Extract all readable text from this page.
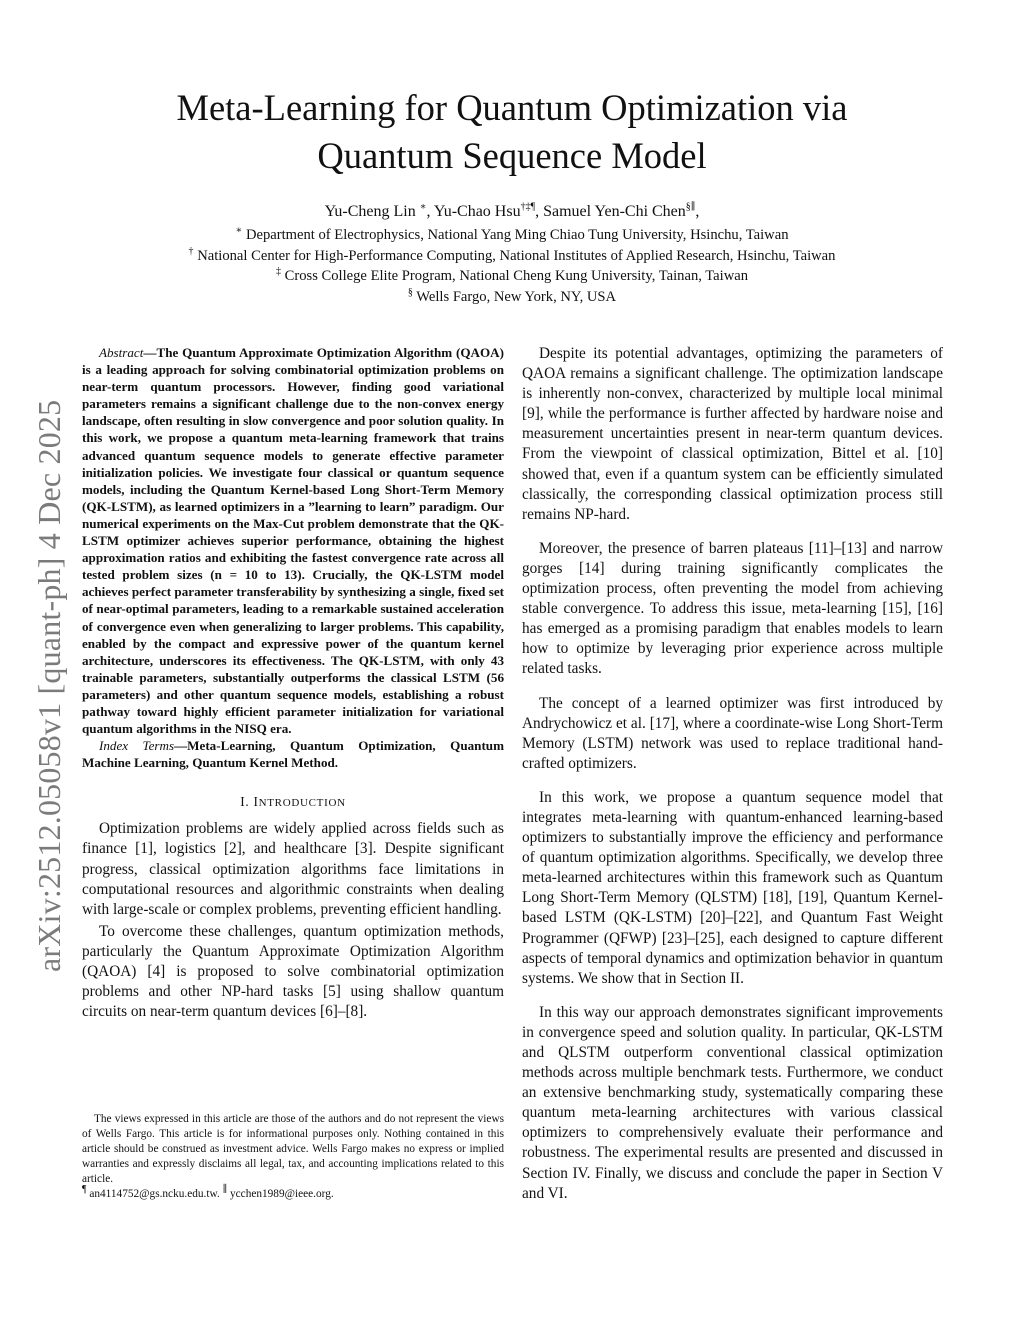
Meta-Learning for Quantum Optimization via
Quantum Sequence Model
Yu-Cheng Lin ∗, Yu-Chao Hsu†‡¶, Samuel Yen-Chi Chen§∥,
∗ Department of Electrophysics, National Yang Ming Chiao Tung University, Hsinchu, Taiwan
† National Center for High-Performance Computing, National Institutes of Applied Research, Hsinchu, Taiwan
‡ Cross College Elite Program, National Cheng Kung University, Tainan, Taiwan
§ Wells Fargo, New York, NY, USA
arXiv:2512.05058v1 [quant-ph] 4 Dec 2025
Abstract—The Quantum Approximate Optimization Algorithm (QAOA) is a leading approach for solving combinatorial optimization problems on near-term quantum processors. However, finding good variational parameters remains a significant challenge due to the non-convex energy landscape, often resulting in slow convergence and poor solution quality. In this work, we propose a quantum meta-learning framework that trains advanced quantum sequence models to generate effective parameter initialization policies. We investigate four classical or quantum sequence models, including the Quantum Kernel-based Long Short-Term Memory (QK-LSTM), as learned optimizers in a ”learning to learn” paradigm. Our numerical experiments on the Max-Cut problem demonstrate that the QK-LSTM optimizer achieves superior performance, obtaining the highest approximation ratios and exhibiting the fastest convergence rate across all tested problem sizes (n = 10 to 13). Crucially, the QK-LSTM model achieves perfect parameter transferability by synthesizing a single, fixed set of near-optimal parameters, leading to a remarkable sustained acceleration of convergence even when generalizing to larger problems. This capability, enabled by the compact and expressive power of the quantum kernel architecture, underscores its effectiveness. The QK-LSTM, with only 43 trainable parameters, substantially outperforms the classical LSTM (56 parameters) and other quantum sequence models, establishing a robust pathway toward highly efficient parameter initialization for variational quantum algorithms in the NISQ era.
Index Terms—Meta-Learning, Quantum Optimization, Quantum Machine Learning, Quantum Kernel Method.
I. INTRODUCTION

Optimization problems are widely applied across fields such as finance [1], logistics [2], and healthcare [3]. Despite significant progress, classical optimization algorithms face limitations in computational resources and algorithmic constraints when dealing with large-scale or complex problems, preventing efficient handling.

To overcome these challenges, quantum optimization methods, particularly the Quantum Approximate Optimization Algorithm (QAOA) [4] is proposed to solve combinatorial optimization problems and other NP-hard tasks [5] using shallow quantum circuits on near-term quantum devices [6]–[8].

The views expressed in this article are those of the authors and do not represent the views of Wells Fargo. This article is for informational purposes only. Nothing contained in this article should be construed as investment advice. Wells Fargo makes no express or implied warranties and expressly disclaims all legal, tax, and accounting implications related to this article.

¶ an4114752@gs.ncku.edu.tw. ∥ ycchen1989@ieee.org.

Despite its potential advantages, optimizing the parameters of QAOA remains a significant challenge. The optimization landscape is inherently non-convex, characterized by multiple local minimal [9], while the performance is further affected by hardware noise and measurement uncertainties present in near-term quantum devices. From the viewpoint of classical optimization, Bittel et al. [10] showed that, even if a quantum system can be efficiently simulated classically, the corresponding classical optimization process still remains NP-hard.

Moreover, the presence of barren plateaus [11]–[13] and narrow gorges [14] during training significantly complicates the optimization process, often preventing the model from achieving stable convergence. To address this issue, meta-learning [15], [16] has emerged as a promising paradigm that enables models to learn how to optimize by leveraging prior experience across multiple related tasks.

The concept of a learned optimizer was first introduced by Andrychowicz et al. [17], where a coordinate-wise Long Short-Term Memory (LSTM) network was used to replace traditional hand-crafted optimizers.

In this work, we propose a quantum sequence model that integrates meta-learning with quantum-enhanced learning-based optimizers to substantially improve the efficiency and performance of quantum optimization algorithms. Specifically, we develop three meta-learned architectures within this framework such as Quantum Long Short-Term Memory (QLSTM) [18], [19], Quantum Kernel-based LSTM (QK-LSTM) [20]–[22], and Quantum Fast Weight Programmer (QFWP) [23]–[25], each designed to capture different aspects of temporal dynamics and optimization behavior in quantum systems. We show that in Section II.

In this way our approach demonstrates significant improvements in convergence speed and solution quality. In particular, QK-LSTM and QLSTM outperform conventional classical optimization methods across multiple benchmark tests. Furthermore, we conduct an extensive benchmarking study, systematically comparing these quantum meta-learning architectures with various classical optimizers to comprehensively evaluate their performance and robustness. The experimental results are presented and discussed in Section IV. Finally, we discuss and conclude the paper in Section V and VI.
